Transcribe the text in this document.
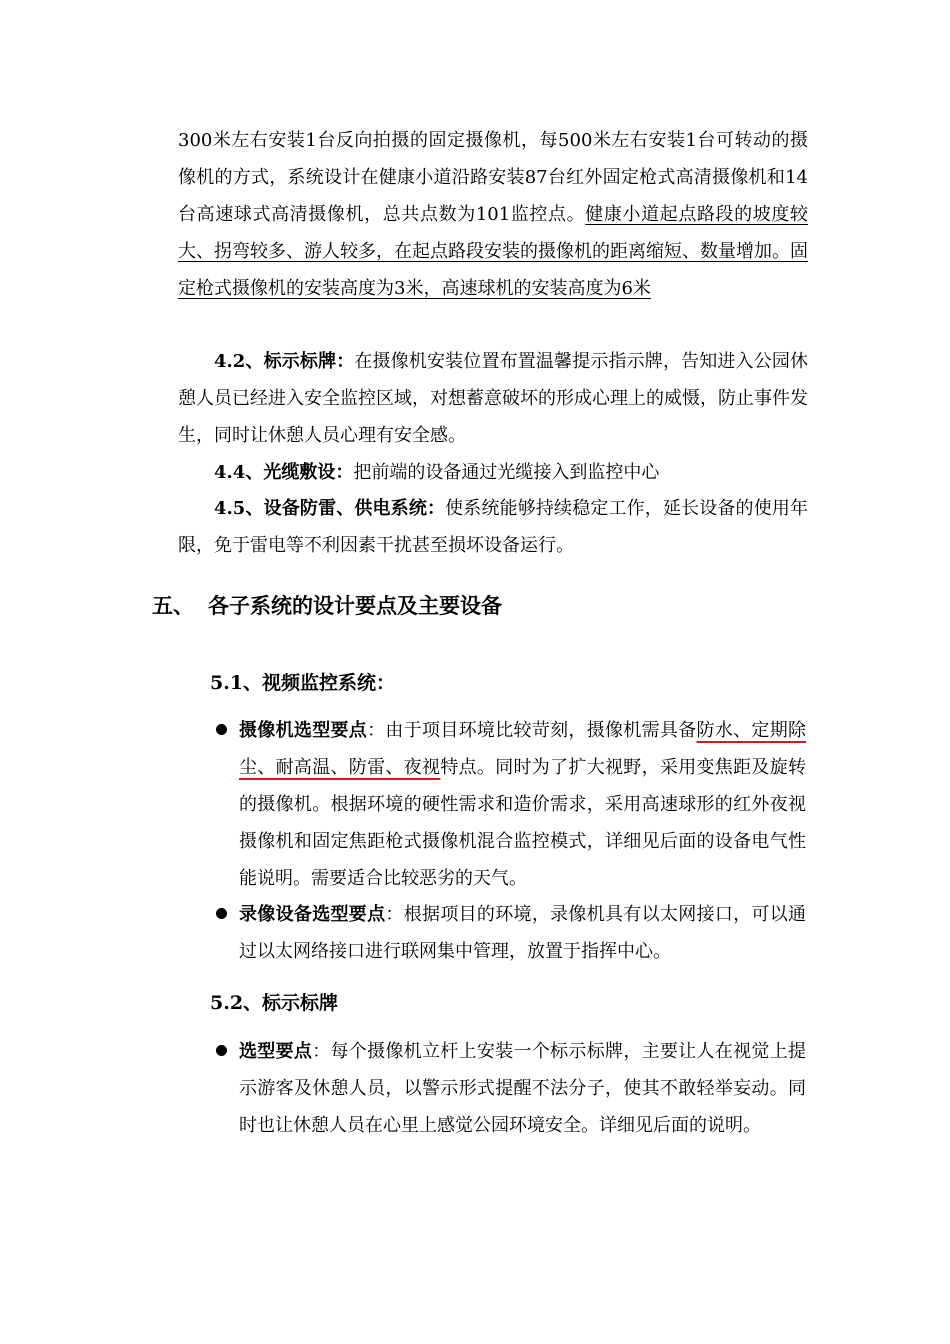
300米左右安装1台反向拍摄的固定摄像机，每500米左右安装1台可转动的摄像机的方式，系统设计在健康小道沿路安装87台红外固定枪式高清摄像机和14台高速球式高清摄像机，总共点数为101监控点。健康小道起点路段的坡度较大、拐弯较多、游人较多，在起点路段安装的摄像机的距离缩短、数量增加。固定枪式摄像机的安装高度为3米，高速球机的安装高度为6米
4.2、标示标牌：在摄像机安装位置布置温馨提示指示牌，告知进入公园休憩人员已经进入安全监控区域，对想蓄意破坏的形成心理上的威慑，防止事件发生，同时让休憩人员心理有安全感。
4.4、光缆敷设：把前端的设备通过光缆接入到监控中心
4.5、设备防雷、供电系统：使系统能够持续稳定工作，延长设备的使用年限，免于雷电等不利因素干扰甚至损坏设备运行。
五、 各子系统的设计要点及主要设备
5.1、视频监控系统：
摄像机选型要点：由于项目环境比较苛刻，摄像机需具备防水、定期除尘、耐高温、防雷、夜视特点。同时为了扩大视野，采用变焦距及旋转的摄像机。根据环境的硬性需求和造价需求，采用高速球形的红外夜视摄像机和固定焦距枪式摄像机混合监控模式，详细见后面的设备电气性能说明。需要适合比较恶劣的天气。
录像设备选型要点：根据项目的环境，录像机具有以太网接口，可以通过以太网络接口进行联网集中管理，放置于指挥中心。
5.2、标示标牌
选型要点：每个摄像机立杆上安装一个标示标牌，主要让人在视觉上提示游客及休憩人员，以警示形式提醒不法分子，使其不敢轻举妄动。同时也让休憩人员在心里上感觉公园环境安全。详细见后面的说明。
